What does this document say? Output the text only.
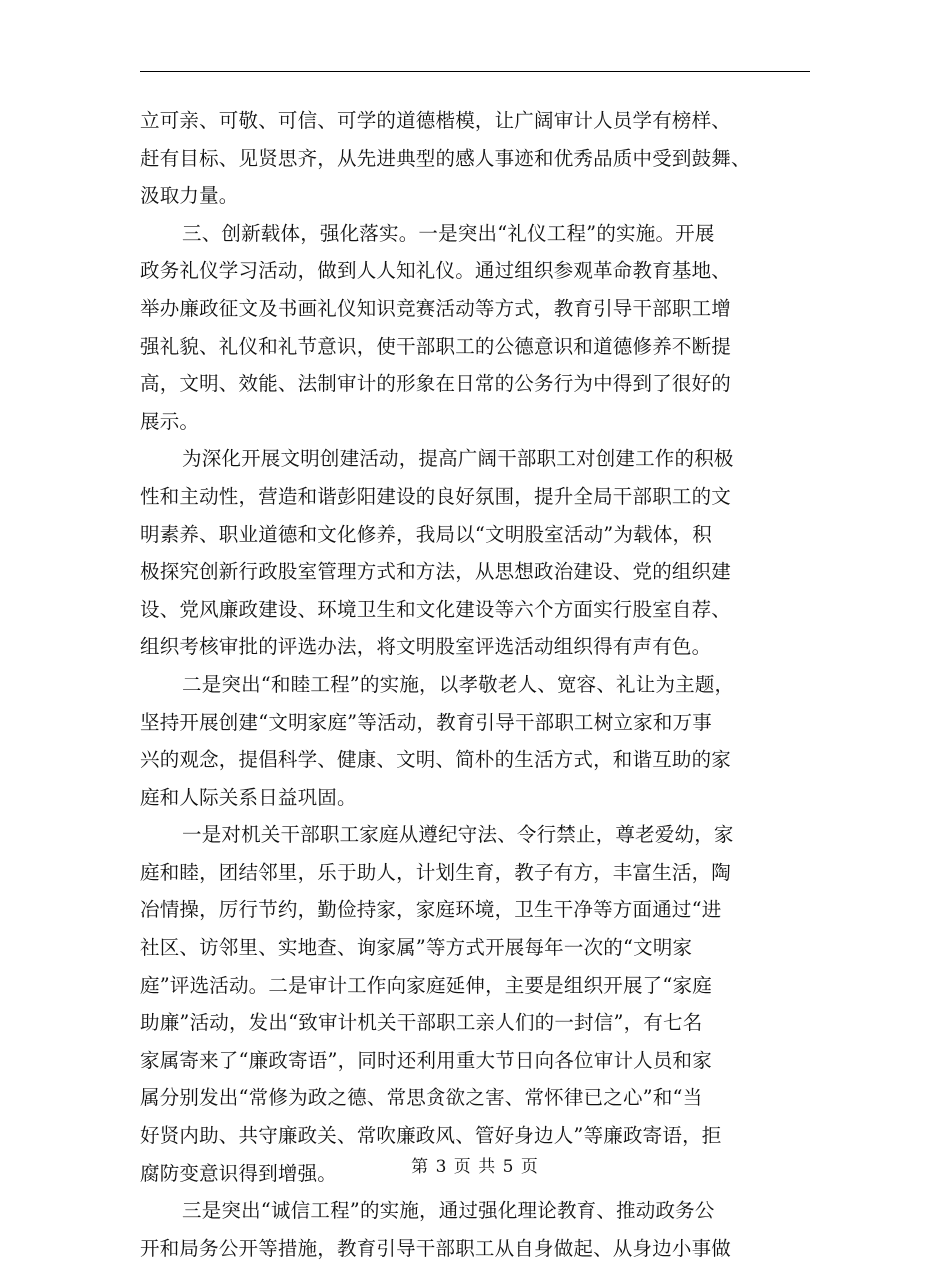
立可亲、可敬、可信、可学的道德楷模，让广阔审计人员学有榜样、
赶有目标、见贤思齐，从先进典型的感人事迹和优秀品质中受到鼓舞、
汲取力量。
三、创新载体，强化落实。一是突出“礼仪工程”的实施。开展
政务礼仪学习活动，做到人人知礼仪。通过组织参观革命教育基地、
举办廉政征文及书画礼仪知识竞赛活动等方式，教育引导干部职工增
强礼貌、礼仪和礼节意识，使干部职工的公德意识和道德修养不断提
高，文明、效能、法制审计的形象在日常的公务行为中得到了很好的
展示。
为深化开展文明创建活动，提高广阔干部职工对创建工作的积极
性和主动性，营造和谐彭阳建设的良好氛围，提升全局干部职工的文
明素养、职业道德和文化修养，我局以“文明股室活动”为载体，积
极探究创新行政股室管理方式和方法，从思想政治建设、党的组织建
设、党风廉政建设、环境卫生和文化建设等六个方面实行股室自荐、
组织考核审批的评选办法，将文明股室评选活动组织得有声有色。
二是突出“和睦工程”的实施，以孝敬老人、宽容、礼让为主题，
坚持开展创建“文明家庭”等活动，教育引导干部职工树立家和万事
兴的观念，提倡科学、健康、文明、简朴的生活方式，和谐互助的家
庭和人际关系日益巩固。
一是对机关干部职工家庭从遵纪守法、令行禁止，尊老爱幼，家
庭和睦，团结邻里，乐于助人，计划生育，教子有方，丰富生活，陶
冶情操，厉行节约，勤俭持家，家庭环境，卫生干净等方面通过“进
社区、访邻里、实地查、询家属”等方式开展每年一次的“文明家
庭”评选活动。二是审计工作向家庭延伸，主要是组织开展了“家庭
助廉”活动，发出“致审计机关干部职工亲人们的一封信”，有七名
家属寄来了“廉政寄语”，同时还利用重大节日向各位审计人员和家
属分别发出“常修为政之德、常思贪欲之害、常怀律已之心”和“当
好贤内助、共守廉政关、常吹廉政风、管好身边人”等廉政寄语，拒
腐防变意识得到增强。
三是突出“诚信工程”的实施，通过强化理论教育、推动政务公
开和局务公开等措施，教育引导干部职工从自身做起、从身边小事做
第 3 页 共 5 页
